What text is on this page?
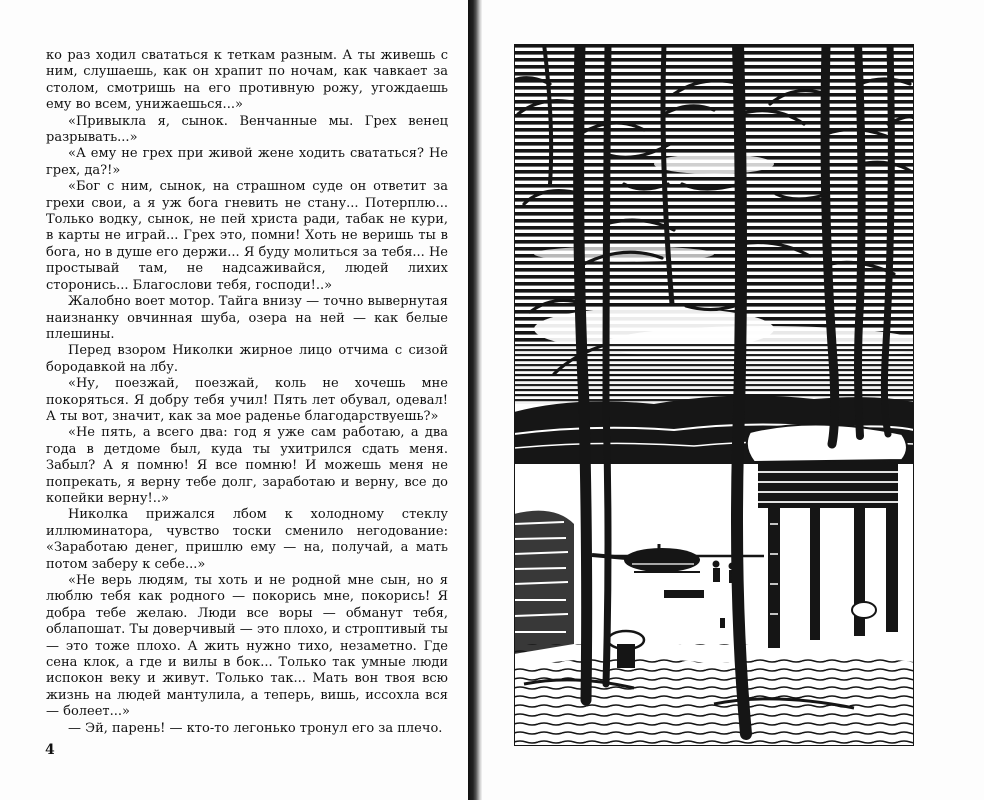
ко раз ходил свататься к теткам разным. А ты живешь с ним, слушаешь, как он храпит по ночам, как чавкает за столом, смотришь на его противную рожу, угождаешь ему во всем, унижаешься...»

«Привыкла я, сынок. Венчанные мы. Грех венец разрывать...»

«А ему не грех при живой жене ходить свататься? Не грех, да?!»

«Бог с ним, сынок, на страшном суде он ответит за грехи свои, а я уж бога гневить не стану... Потерплю... Только водку, сынок, не пей христа ради, табак не кури, в карты не играй... Грех это, помни! Хоть не веришь ты в бога, но в душе его держи... Я буду молиться за тебя... Не простывай там, не надсаживайся, людей лихих сторонись... Благослови тебя, господи!..»

Жалобно воет мотор. Тайга внизу — точно вывернутая наизнанку овчинная шуба, озера на ней — как белые плешины.

Перед взором Николки жирное лицо отчима с сизой бородавкой на лбу.

«Ну, поезжай, поезжай, коль не хочешь мне покоряться. Я добру тебя учил! Пять лет обувал, одевал! А ты вот, значит, как за мое раденье благодарствуешь?»

«Не пять, а всего два: год я уже сам работаю, а два года в детдоме был, куда ты ухитрился сдать меня. Забыл? А я помню! Я все помню! И можешь меня не попрекать, я верну тебе долг, заработаю и верну, все до копейки верну!..»

Николка прижался лбом к холодному стеклу иллюминатора, чувство тоски сменило негодование: «Заработаю денег, пришлю ему — на, получай, а мать потом заберу к себе...»

«Не верь людям, ты хоть и не родной мне сын, но я люблю тебя как родного — покорись мне, покорись! Я добра тебе желаю. Люди все воры — обманут тебя, облапошат. Ты доверчивый — это плохо, и строптивый ты — это тоже плохо. А жить нужно тихо, незаметно. Где сена клок, а где и вилы в бок... Только так умные люди испокон веку и живут. Только так... Мать вон твоя всю жизнь на людей мантулила, а теперь, вишь, иссохла вся — болеет...»

— Эй, парень! — кто-то легонько тронул его за плечо.

4
